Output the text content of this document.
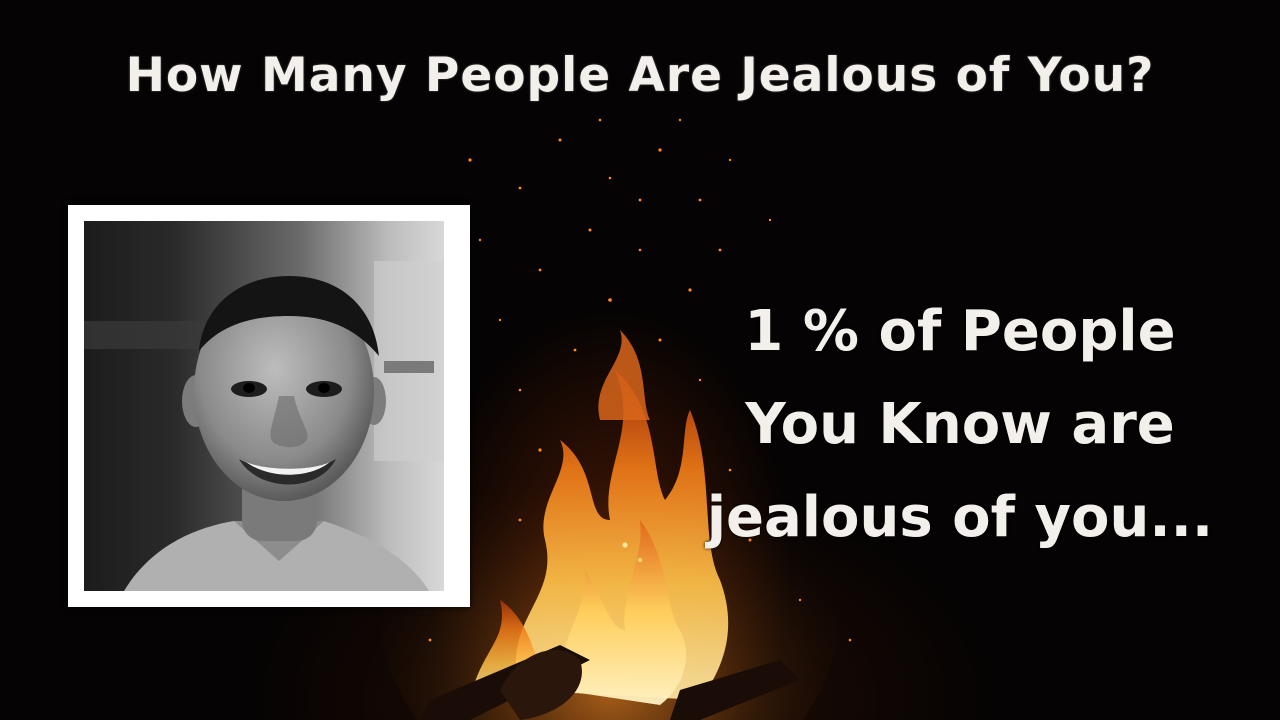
How Many People Are Jealous of You?
1 % of People
You Know are
jealous of you...
